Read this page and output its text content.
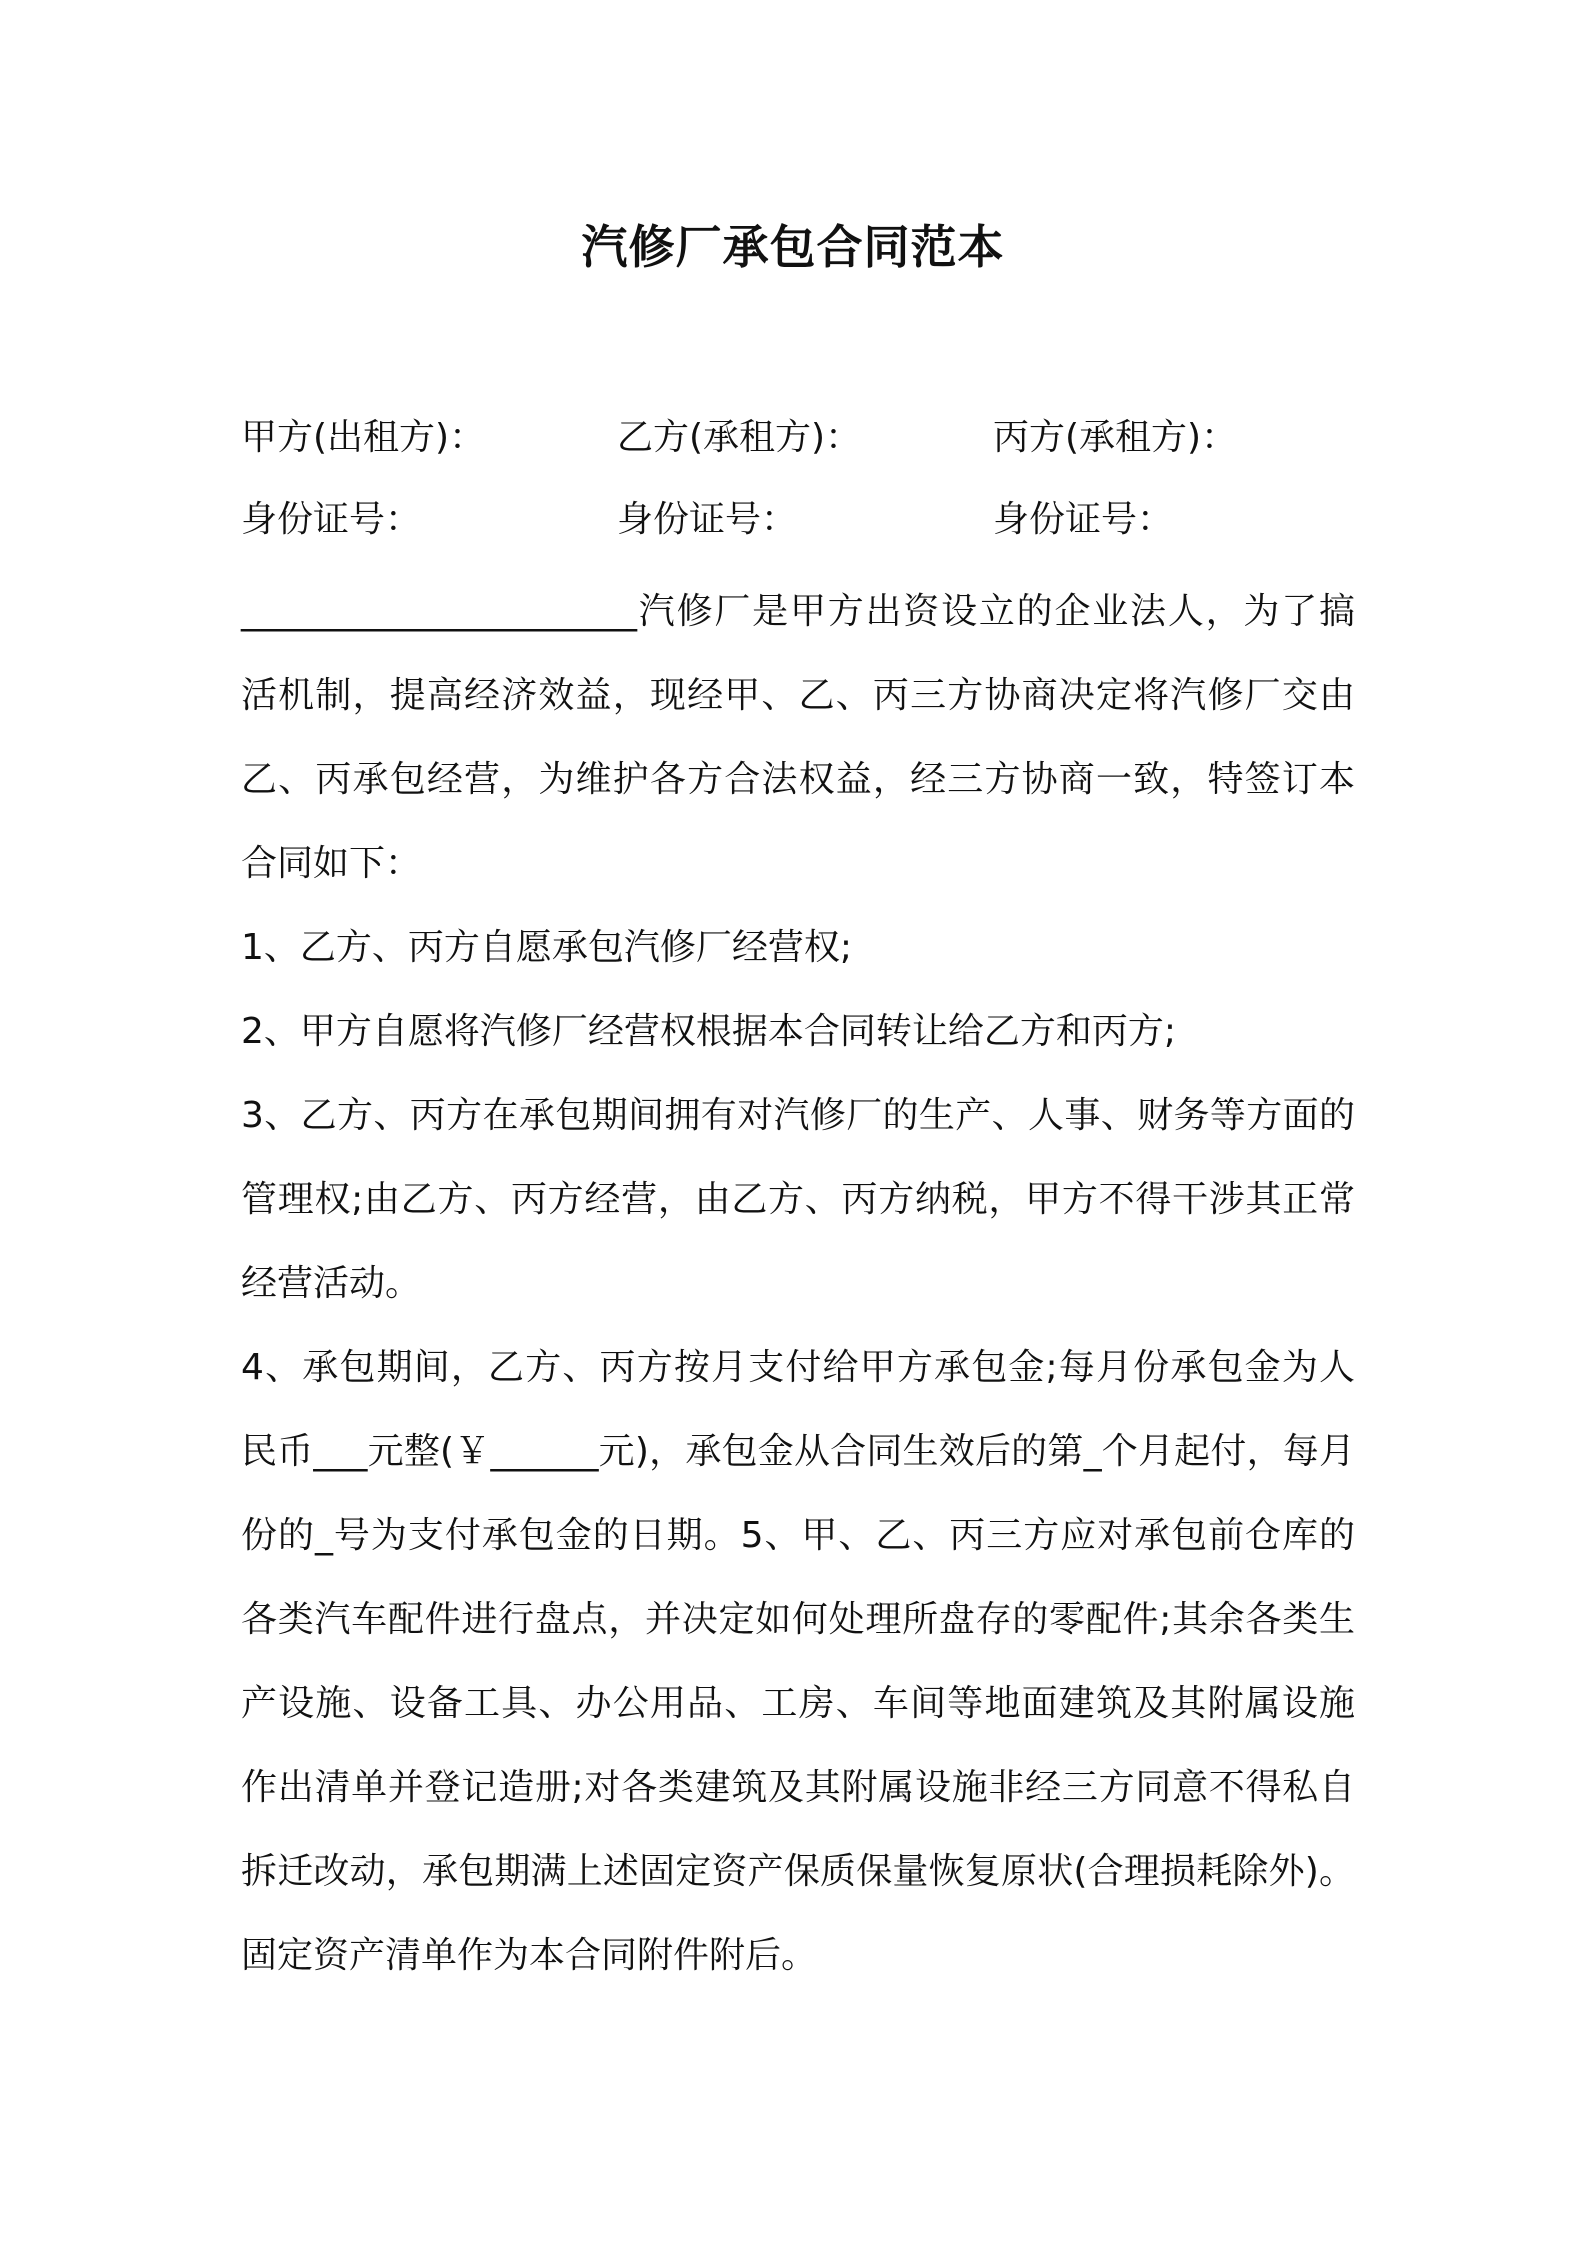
汽修厂承包合同范本
甲方(出租方)：	乙方(承租方)：	丙方(承租方)：
身份证号：	身份证号：	身份证号：

______________________汽修厂是甲方出资设立的企业法人，为了搞活机制，提高经济效益，现经甲、乙、丙三方协商决定将汽修厂交由乙、丙承包经营，为维护各方合法权益，经三方协商一致，特签订本合同如下：

1、乙方、丙方自愿承包汽修厂经营权;

2、甲方自愿将汽修厂经营权根据本合同转让给乙方和丙方;

3、乙方、丙方在承包期间拥有对汽修厂的生产、人事、财务等方面的管理权;由乙方、丙方经营，由乙方、丙方纳税，甲方不得干涉其正常经营活动。

4、承包期间，乙方、丙方按月支付给甲方承包金;每月份承包金为人民币___元整(￥______元)，承包金从合同生效后的第_个月起付，每月份的_号为支付承包金的日期。5、甲、乙、丙三方应对承包前仓库的各类汽车配件进行盘点，并决定如何处理所盘存的零配件;其余各类生产设施、设备工具、办公用品、工房、车间等地面建筑及其附属设施作出清单并登记造册;对各类建筑及其附属设施非经三方同意不得私自拆迁改动，承包期满上述固定资产保质保量恢复原状(合理损耗除外)。固定资产清单作为本合同附件附后。
